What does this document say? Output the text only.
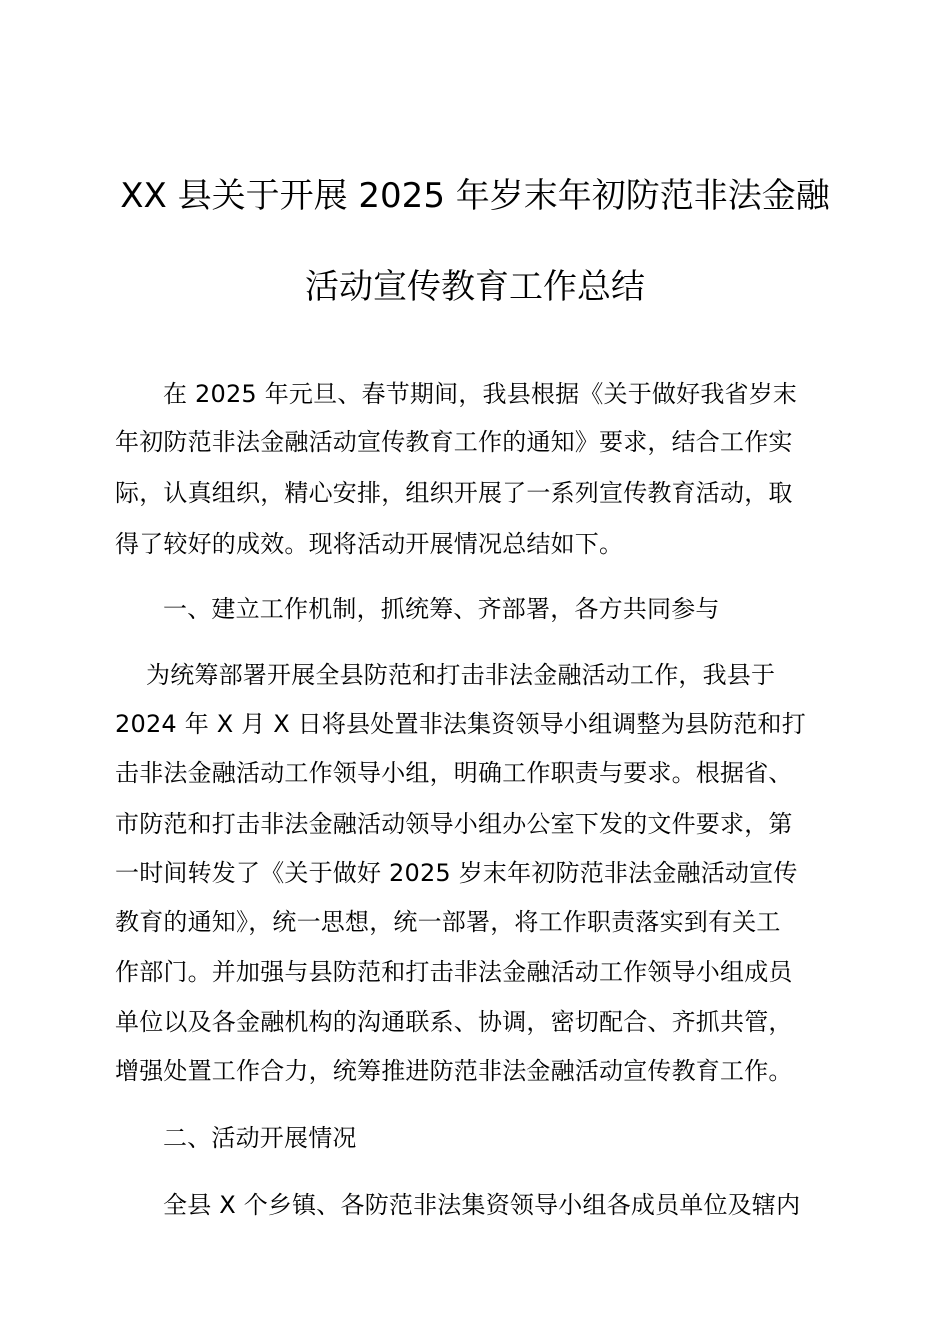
XX 县关于开展 2025 年岁末年初防范非法金融
活动宣传教育工作总结
在 2025 年元旦、春节期间，我县根据《关于做好我省岁末
年初防范非法金融活动宣传教育工作的通知》要求，结合工作实
际，认真组织，精心安排，组织开展了一系列宣传教育活动，取
得了较好的成效。现将活动开展情况总结如下。
一、建立工作机制，抓统筹、齐部署，各方共同参与
为统筹部署开展全县防范和打击非法金融活动工作，我县于
2024 年 X 月 X 日将县处置非法集资领导小组调整为县防范和打
击非法金融活动工作领导小组，明确工作职责与要求。根据省、
市防范和打击非法金融活动领导小组办公室下发的文件要求，第
一时间转发了《关于做好 2025 岁末年初防范非法金融活动宣传
教育的通知》，统一思想，统一部署，将工作职责落实到有关工
作部门。并加强与县防范和打击非法金融活动工作领导小组成员
单位以及各金融机构的沟通联系、协调，密切配合、齐抓共管，
增强处置工作合力，统筹推进防范非法金融活动宣传教育工作。
二、活动开展情况
全县 X 个乡镇、各防范非法集资领导小组各成员单位及辖内
